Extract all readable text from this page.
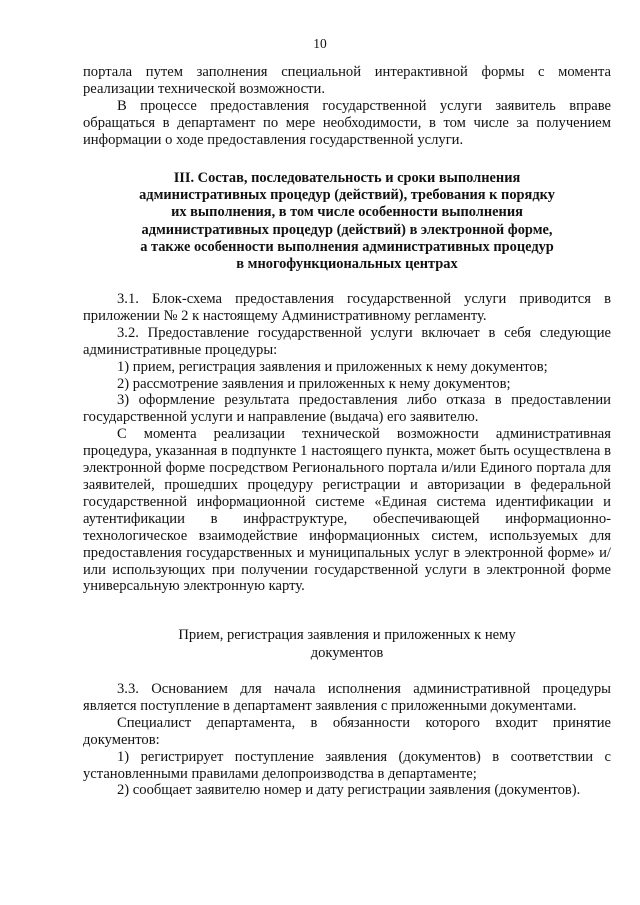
10

портала путем заполнения специальной интерактивной формы с момента реализации технической возможности.

В процессе предоставления государственной услуги заявитель вправе обращаться в департамент по мере необходимости, в том числе за получением информации о ходе предоставления государственной услуги.

III. Состав, последовательность и сроки выполнения

административных процедур (действий), требования к порядку

их выполнения, в том числе особенности выполнения

административных процедур (действий) в электронной форме,

а также особенности выполнения административных процедур

в многофункциональных центрах

3.1. Блок-схема предоставления государственной услуги приводится в приложении № 2 к настоящему Административному регламенту.

3.2. Предоставление государственной услуги включает в себя следующие административные процедуры:

1) прием, регистрация заявления и приложенных к нему документов;

2) рассмотрение заявления и приложенных к нему документов;

3) оформление результата предоставления либо отказа в предоставлении государственной услуги и направление (выдача) его заявителю.

С момента реализации технической возможности административная процедура, указанная в подпункте 1 настоящего пункта, может быть осуществлена в электронной форме посредством Регионального портала и/или Единого портала для заявителей, прошедших процедуру регистрации и авторизации в федеральной государственной информационной системе «Единая система идентификации и аутентификации в инфраструктуре, обеспечивающей информационно-технологическое взаимодействие информационных систем, используемых для предоставления государственных и муниципальных услуг в электронной форме» и/или использующих при получении государственной услуги в электронной форме универсальную электронную карту.

Прием, регистрация заявления и приложенных к нему

документов

3.3. Основанием для начала исполнения административной процедуры является поступление в департамент заявления с приложенными документами.

Специалист департамента, в обязанности которого входит принятие документов:

1) регистрирует поступление заявления (документов) в соответствии с установленными правилами делопроизводства в департаменте;

2) сообщает заявителю номер и дату регистрации заявления (документов).
